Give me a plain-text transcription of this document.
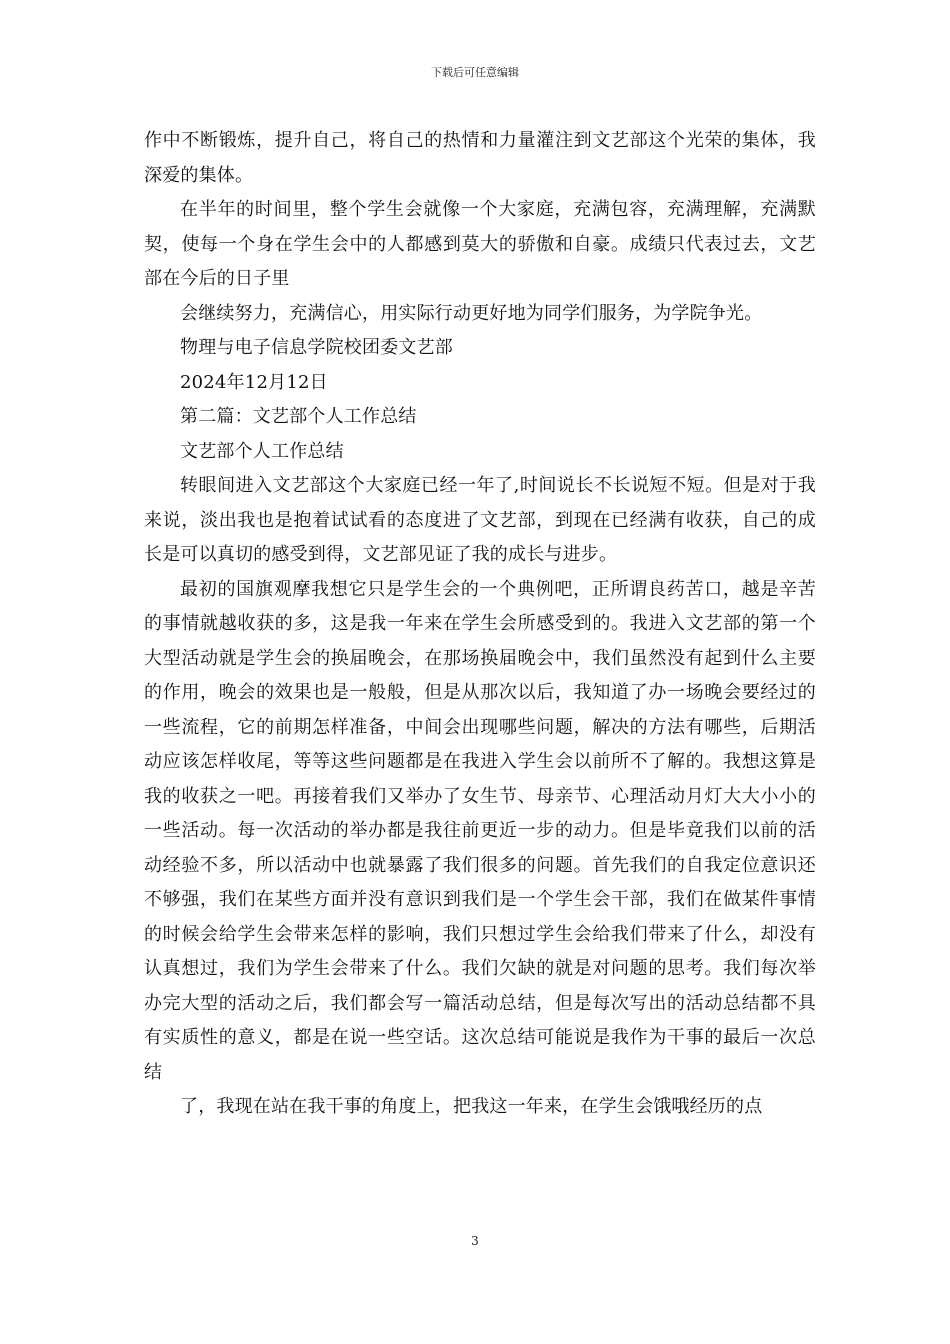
下载后可任意编辑

作中不断锻炼，提升自己，将自己的热情和力量灌注到文艺部这个光荣的集体，我深爱的集体。

在半年的时间里，整个学生会就像一个大家庭，充满包容，充满理解，充满默契，使每一个身在学生会中的人都感到莫大的骄傲和自豪。成绩只代表过去，文艺部在今后的日子里

会继续努力，充满信心，用实际行动更好地为同学们服务，为学院争光。

物理与电子信息学院校团委文艺部

2024年12月12日

第二篇：文艺部个人工作总结

文艺部个人工作总结

转眼间进入文艺部这个大家庭已经一年了,时间说长不长说短不短。但是对于我来说，淡出我也是抱着试试看的态度进了文艺部，到现在已经满有收获，自己的成长是可以真切的感受到得，文艺部见证了我的成长与进步。

最初的国旗观摩我想它只是学生会的一个典例吧，正所谓良药苦口，越是辛苦的事情就越收获的多，这是我一年来在学生会所感受到的。我进入文艺部的第一个大型活动就是学生会的换届晚会，在那场换届晚会中，我们虽然没有起到什么主要的作用，晚会的效果也是一般般，但是从那次以后，我知道了办一场晚会要经过的一些流程，它的前期怎样准备，中间会出现哪些问题，解决的方法有哪些，后期活动应该怎样收尾，等等这些问题都是在我进入学生会以前所不了解的。我想这算是我的收获之一吧。再接着我们又举办了女生节、母亲节、心理活动月灯大大小小的一些活动。每一次活动的举办都是我往前更近一步的动力。但是毕竟我们以前的活动经验不多，所以活动中也就暴露了我们很多的问题。首先我们的自我定位意识还不够强，我们在某些方面并没有意识到我们是一个学生会干部，我们在做某件事情的时候会给学生会带来怎样的影响，我们只想过学生会给我们带来了什么，却没有认真想过，我们为学生会带来了什么。我们欠缺的就是对问题的思考。我们每次举办完大型的活动之后，我们都会写一篇活动总结，但是每次写出的活动总结都不具有实质性的意义，都是在说一些空话。这次总结可能说是我作为干事的最后一次总结

了，我现在站在我干事的角度上，把我这一年来，在学生会饿哦经历的点

3
